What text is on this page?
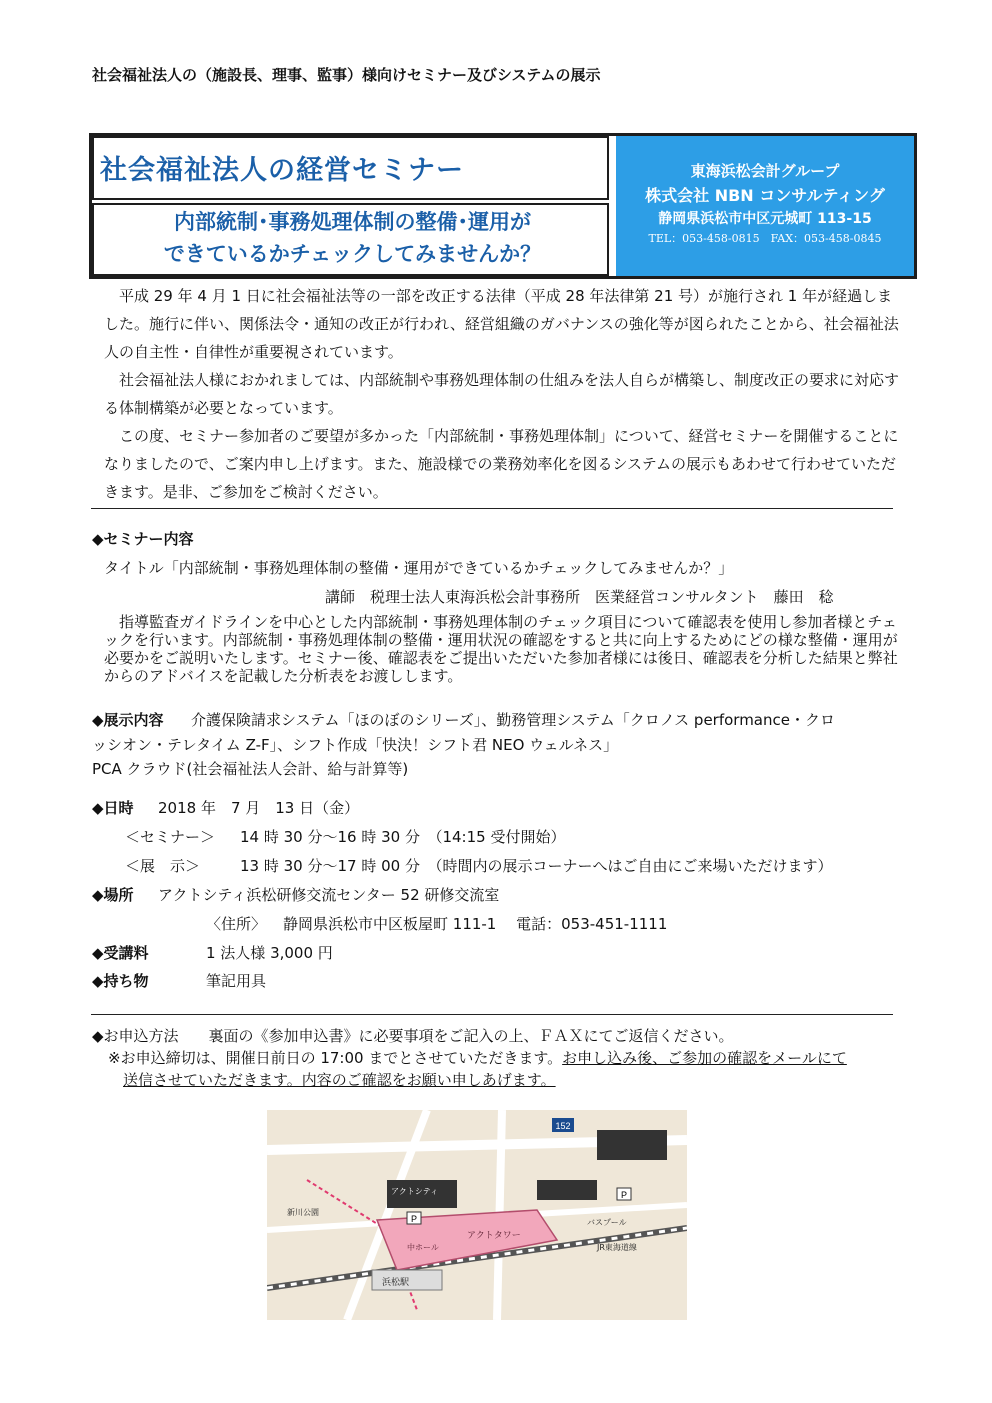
社会福祉法人の（施設長、理事、監事）様向けセミナー及びシステムの展示
社会福祉法人の経営セミナー
内部統制･事務処理体制の整備･運用が
できているかチェックしてみませんか？
東海浜松会計グループ
株式会社 NBN コンサルティング
静岡県浜松市中区元城町 113-15
TEL：053-458-0815　FAX：053-458-0845
平成 29 年 4 月 1 日に社会福祉法等の一部を改正する法律（平成 28 年法律第 21 号）が施行され 1 年が経過しました。施行に伴い、関係法令・通知の改正が行われ、経営組織のガバナンスの強化等が図られたことから、社会福祉法人の自主性・自律性が重要視されています。
社会福祉法人様におかれましては、内部統制や事務処理体制の仕組みを法人自らが構築し、制度改正の要求に対応する体制構築が必要となっています。
この度、セミナー参加者のご要望が多かった「内部統制・事務処理体制」について、経営セミナーを開催することになりましたので、ご案内申し上げます。また、施設様での業務効率化を図るシステムの展示もあわせて行わせていただきます。是非、ご参加をご検討ください。
◆セミナー内容
タイトル「内部統制・事務処理体制の整備・運用ができているかチェックしてみませんか？」
講師　税理士法人東海浜松会計事務所　医業経営コンサルタント　藤田　稔
指導監査ガイドラインを中心とした内部統制・事務処理体制のチェック項目について確認表を使用し参加者様とチェックを行います。内部統制・事務処理体制の整備・運用状況の確認をすると共に向上するためにどの様な整備・運用が必要かをご説明いたします。セミナー後、確認表をご提出いただいた参加者様には後日、確認表を分析した結果と弊社からのアドバイスを記載した分析表をお渡しします。
◆展示内容 介護保険請求システム「ほのぼのシリーズ」、勤務管理システム「クロノス performance・クロ
ッシオン・テレタイム Z-F」、シフト作成「快決！シフト君 NEO ウェルネス」
PCA クラウド(社会福祉法人会計、給与計算等)
◆日時 2018 年　7 月　13 日（金）
＜セミナー＞ 14 時 30 分～16 時 30 分　（14:15 受付開始）
＜展　示＞	13 時 30 分～17 時 00 分　（時間内の展示コーナーへはご自由にご来場いただけます）
◆場所 アクトシティ浜松研修交流センター 52 研修交流室
〈住所〉 静岡県浜松市中区板屋町 111-1　 電話：053-451-1111
◆受講料	1 法人様 3,000 円
◆持ち物	筆記用具
◆お申込方法　　裏面の《参加申込書》に必要事項をご記入の上、ＦＡＸにてご返信ください。
※お申込締切は、開催日前日の 17:00 までとさせていただきます。お申し込み後、ご参加の確認をメールにて
送信させていただきます。内容のご確認をお願い申しあげます。
152
P
P
アクトタワー
中ホール
アクトシティ
浜松駅
バスプール
新川公園
JR東海道線
